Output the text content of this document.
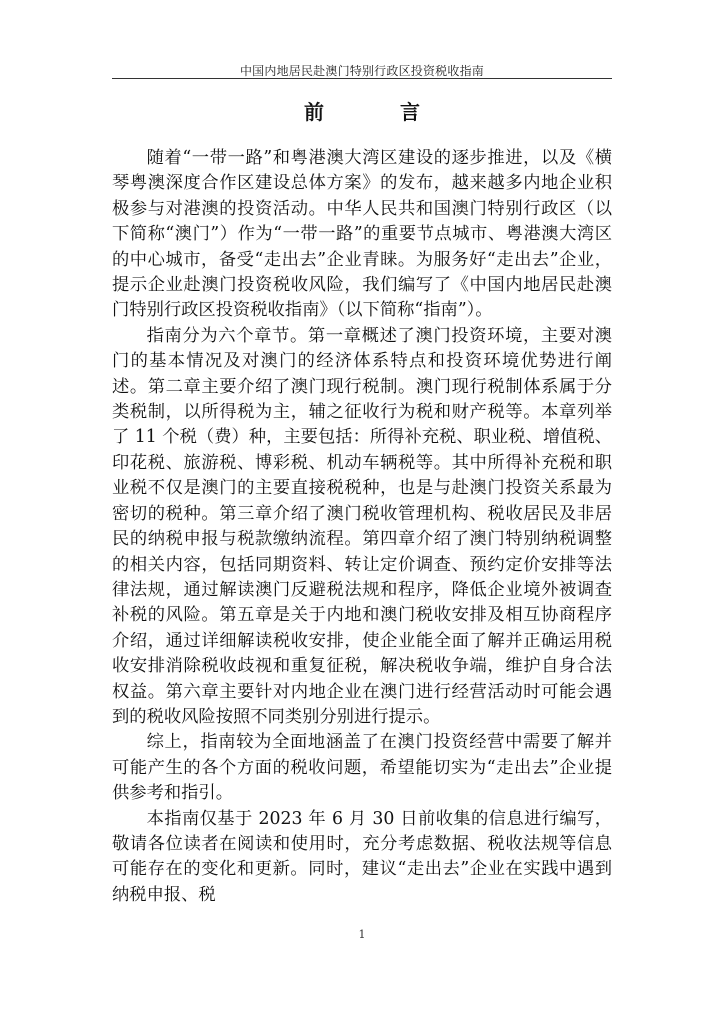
中国内地居民赴澳门特别行政区投资税收指南
前　言

随着“一带一路”和粤港澳大湾区建设的逐步推进，以及《横琴粤澳深度合作区建设总体方案》的发布，越来越多内地企业积极参与对港澳的投资活动。中华人民共和国澳门特别行政区（以下简称“澳门”）作为“一带一路”的重要节点城市、粤港澳大湾区的中心城市，备受“走出去”企业青睐。为服务好“走出去”企业，提示企业赴澳门投资税收风险，我们编写了《中国内地居民赴澳门特别行政区投资税收指南》（以下简称“指南”）。

指南分为六个章节。第一章概述了澳门投资环境，主要对澳门的基本情况及对澳门的经济体系特点和投资环境优势进行阐述。第二章主要介绍了澳门现行税制。澳门现行税制体系属于分类税制，以所得税为主，辅之征收行为税和财产税等。本章列举了 11 个税（费）种，主要包括：所得补充税、职业税、增值税、印花税、旅游税、博彩税、机动车辆税等。其中所得补充税和职业税不仅是澳门的主要直接税税种，也是与赴澳门投资关系最为密切的税种。第三章介绍了澳门税收管理机构、税收居民及非居民的纳税申报与税款缴纳流程。第四章介绍了澳门特别纳税调整的相关内容，包括同期资料、转让定价调查、预约定价安排等法律法规，通过解读澳门反避税法规和程序，降低企业境外被调查补税的风险。第五章是关于内地和澳门税收安排及相互协商程序介绍，通过详细解读税收安排，使企业能全面了解并正确运用税收安排消除税收歧视和重复征税，解决税收争端，维护自身合法权益。第六章主要针对内地企业在澳门进行经营活动时可能会遇到的税收风险按照不同类别分别进行提示。

综上，指南较为全面地涵盖了在澳门投资经营中需要了解并可能产生的各个方面的税收问题，希望能切实为“走出去”企业提供参考和指引。

本指南仅基于 2023 年 6 月 30 日前收集的信息进行编写，敬请各位读者在阅读和使用时，充分考虑数据、税收法规等信息可能存在的变化和更新。同时，建议“走出去”企业在实践中遇到纳税申报、税

1
